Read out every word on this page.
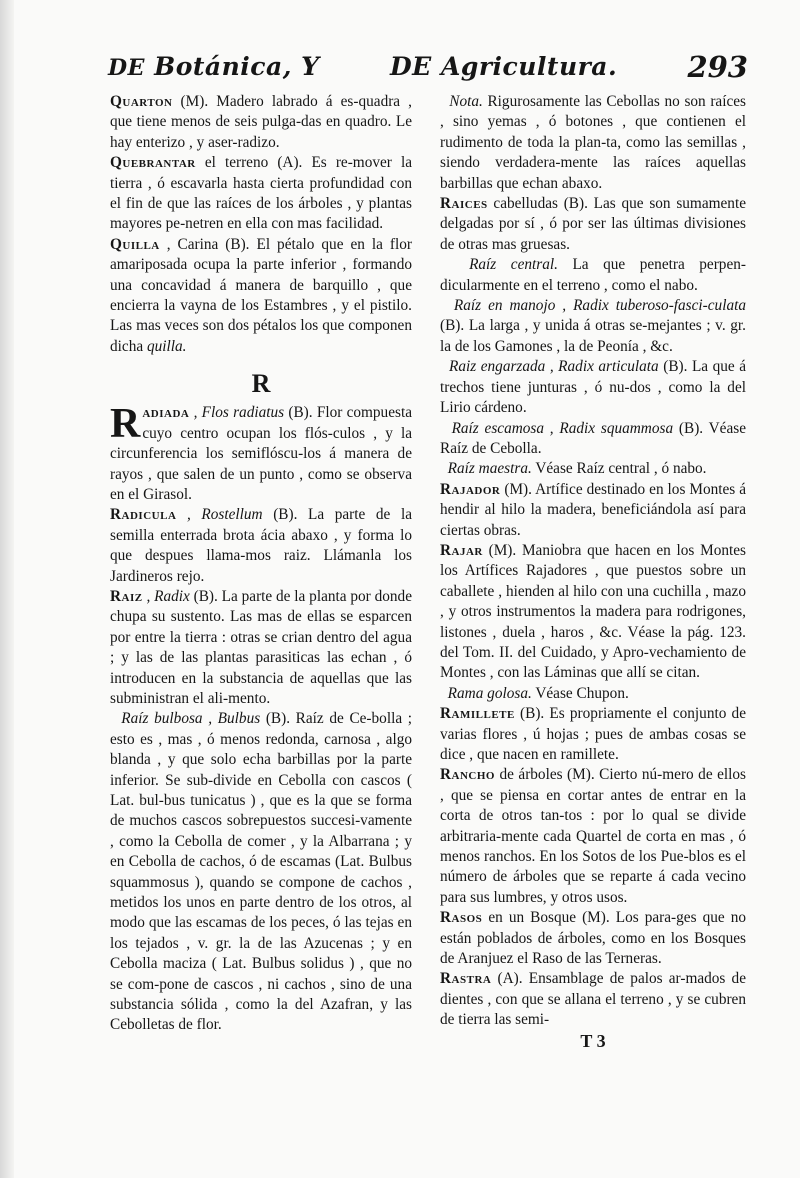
DE Botánica, Y	DE Agricultura. 293

Quarton (M). Madero labrado á es-quadra , que tiene menos de seis pulga-das en quadro. Le hay enterizo , y aser-radizo.

Quebrantar el terreno (A). Es re-mover la tierra , ó escavarla hasta cierta profundidad con el fin de que las raíces de los árboles , y plantas mayores pe-netren en ella con mas facilidad.

Quilla , Carina (B). El pétalo que en la flor amariposada ocupa la parte inferior , formando una concavidad á manera de barquillo , que encierra la vayna de los Estambres , y el pistilo. Las mas veces son dos pétalos los que componen dicha quilla.

R

Radiada , Flos radiatus (B). Flor compuesta cuyo centro ocupan los flós-culos , y la circunferencia los semiflóscu-los á manera de rayos , que salen de un punto , como se observa en el Girasol.

Radicula , Rostellum (B). La parte de la semilla enterrada brota ácia abaxo , y forma lo que despues llama-mos raiz. Llámanla los Jardineros rejo.

Raiz , Radix (B). La parte de la planta por donde chupa su sustento. Las mas de ellas se esparcen por entre la tierra : otras se crian dentro del agua ; y las de las plantas parasiticas las echan , ó introducen en la substancia de aquellas que las subministran el ali-mento.

Raíz bulbosa , Bulbus (B). Raíz de Ce-bolla ; esto es , mas , ó menos redonda, carnosa , algo blanda , y que solo echa barbillas por la parte inferior. Se sub-divide en Cebolla con cascos ( Lat. bul-bus tunicatus ) , que es la que se forma de muchos cascos sobrepuestos succesi-vamente , como la Cebolla de comer , y la Albarrana ; y en Cebolla de cachos, ó de escamas (Lat. Bulbus squammosus ), quando se compone de cachos , metidos los unos en parte dentro de los otros, al modo que las escamas de los peces, ó las tejas en los tejados , v. gr. la de las Azucenas ; y en Cebolla maciza ( Lat. Bulbus solidus ) , que no se com-pone de cascos , ni cachos , sino de una substancia sólida , como la del Azafran, y las Cebolletas de flor.

Nota. Rigurosamente las Cebollas no son raíces , sino yemas , ó botones , que contienen el rudimento de toda la plan-ta, como las semillas , siendo verdadera-mente las raíces aquellas barbillas que echan abaxo.

Raices cabelludas (B). Las que son sumamente delgadas por sí , ó por ser las últimas divisiones de otras mas gruesas.

Raíz central. La que penetra perpen-dicularmente en el terreno , como el nabo.

Raíz en manojo , Radix tuberoso-fasci-culata (B). La larga , y unida á otras se-mejantes ; v. gr. la de los Gamones , la de Peonía , &c.

Raiz engarzada , Radix articulata (B). La que á trechos tiene junturas , ó nu-dos , como la del Lirio cárdeno.

Raíz escamosa , Radix squammosa (B). Véase Raíz de Cebolla.

Raíz maestra. Véase Raíz central , ó nabo.

Rajador (M). Artífice destinado en los Montes á hendir al hilo la madera, beneficiándola así para ciertas obras.

Rajar (M). Maniobra que hacen en los Montes los Artífices Rajadores , que puestos sobre un caballete , hienden al hilo con una cuchilla , mazo , y otros instrumentos la madera para rodrigones, listones , duela , haros , &c. Véase la pág. 123. del Tom. II. del Cuidado, y Apro-vechamiento de Montes , con las Láminas que allí se citan.

Rama golosa. Véase Chupon.

Ramillete (B). Es propriamente el conjunto de varias flores , ú hojas ; pues de ambas cosas se dice , que nacen en ramillete.

Rancho de árboles (M). Cierto nú-mero de ellos , que se piensa en cortar antes de entrar en la corta de otros tan-tos : por lo qual se divide arbitraria-mente cada Quartel de corta en mas , ó menos ranchos. En los Sotos de los Pue-blos es el número de árboles que se reparte á cada vecino para sus lumbres, y otros usos.

Rasos en un Bosque (M). Los para-ges que no están poblados de árboles, como en los Bosques de Aranjuez el Raso de las Terneras.

Rastra (A). Ensamblage de palos ar-mados de dientes , con que se allana el terreno , y se cubren de tierra las semi-

T 3
